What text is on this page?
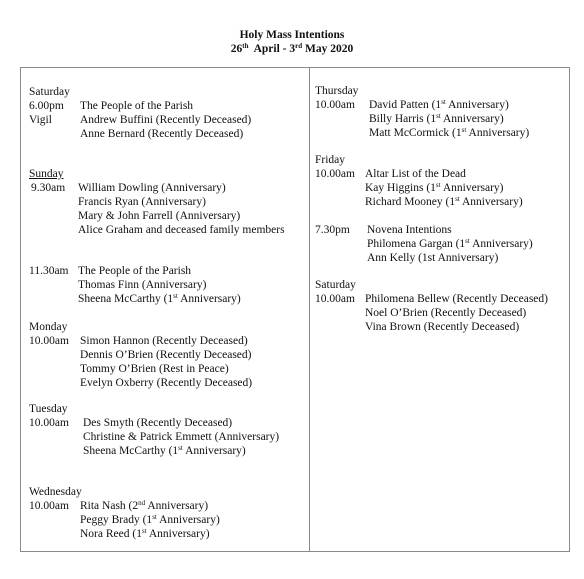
Holy Mass Intentions
26th  April - 3rd May 2020
Saturday
6.00pm
Vigil
The People of the Parish
Andrew Buffini (Recently Deceased)
Anne Bernard (Recently Deceased)
Sunday
9.30am William Dowling (Anniversary)
Francis Ryan (Anniversary)
Mary & John Farrell (Anniversary)
Alice Graham and deceased family members
11.30am The People of the Parish
Thomas Finn (Anniversary)
Sheena McCarthy (1st Anniversary)
Monday
10.00am Simon Hannon (Recently Deceased)
Dennis O’Brien (Recently Deceased)
Tommy O’Brien (Rest in Peace)
Evelyn Oxberry (Recently Deceased)
Tuesday
10.00am Des Smyth (Recently Deceased)
Christine & Patrick Emmett (Anniversary)
Sheena McCarthy (1st Anniversary)
Wednesday
10.00am Rita Nash (2nd Anniversary)
Peggy Brady (1st Anniversary)
Nora Reed (1st Anniversary)
Thursday
10.00am David Patten (1st Anniversary)
Billy Harris (1st Anniversary)
Matt McCormick (1st Anniversary)
Friday
10.00am Altar List of the Dead
Kay Higgins (1st Anniversary)
Richard Mooney (1st Anniversary)
7.30pm Novena Intentions
Philomena Gargan (1st Anniversary)
Ann Kelly (1st Anniversary)
Saturday
10.00am Philomena Bellew (Recently Deceased)
Noel O’Brien (Recently Deceased)
Vina Brown (Recently Deceased)
